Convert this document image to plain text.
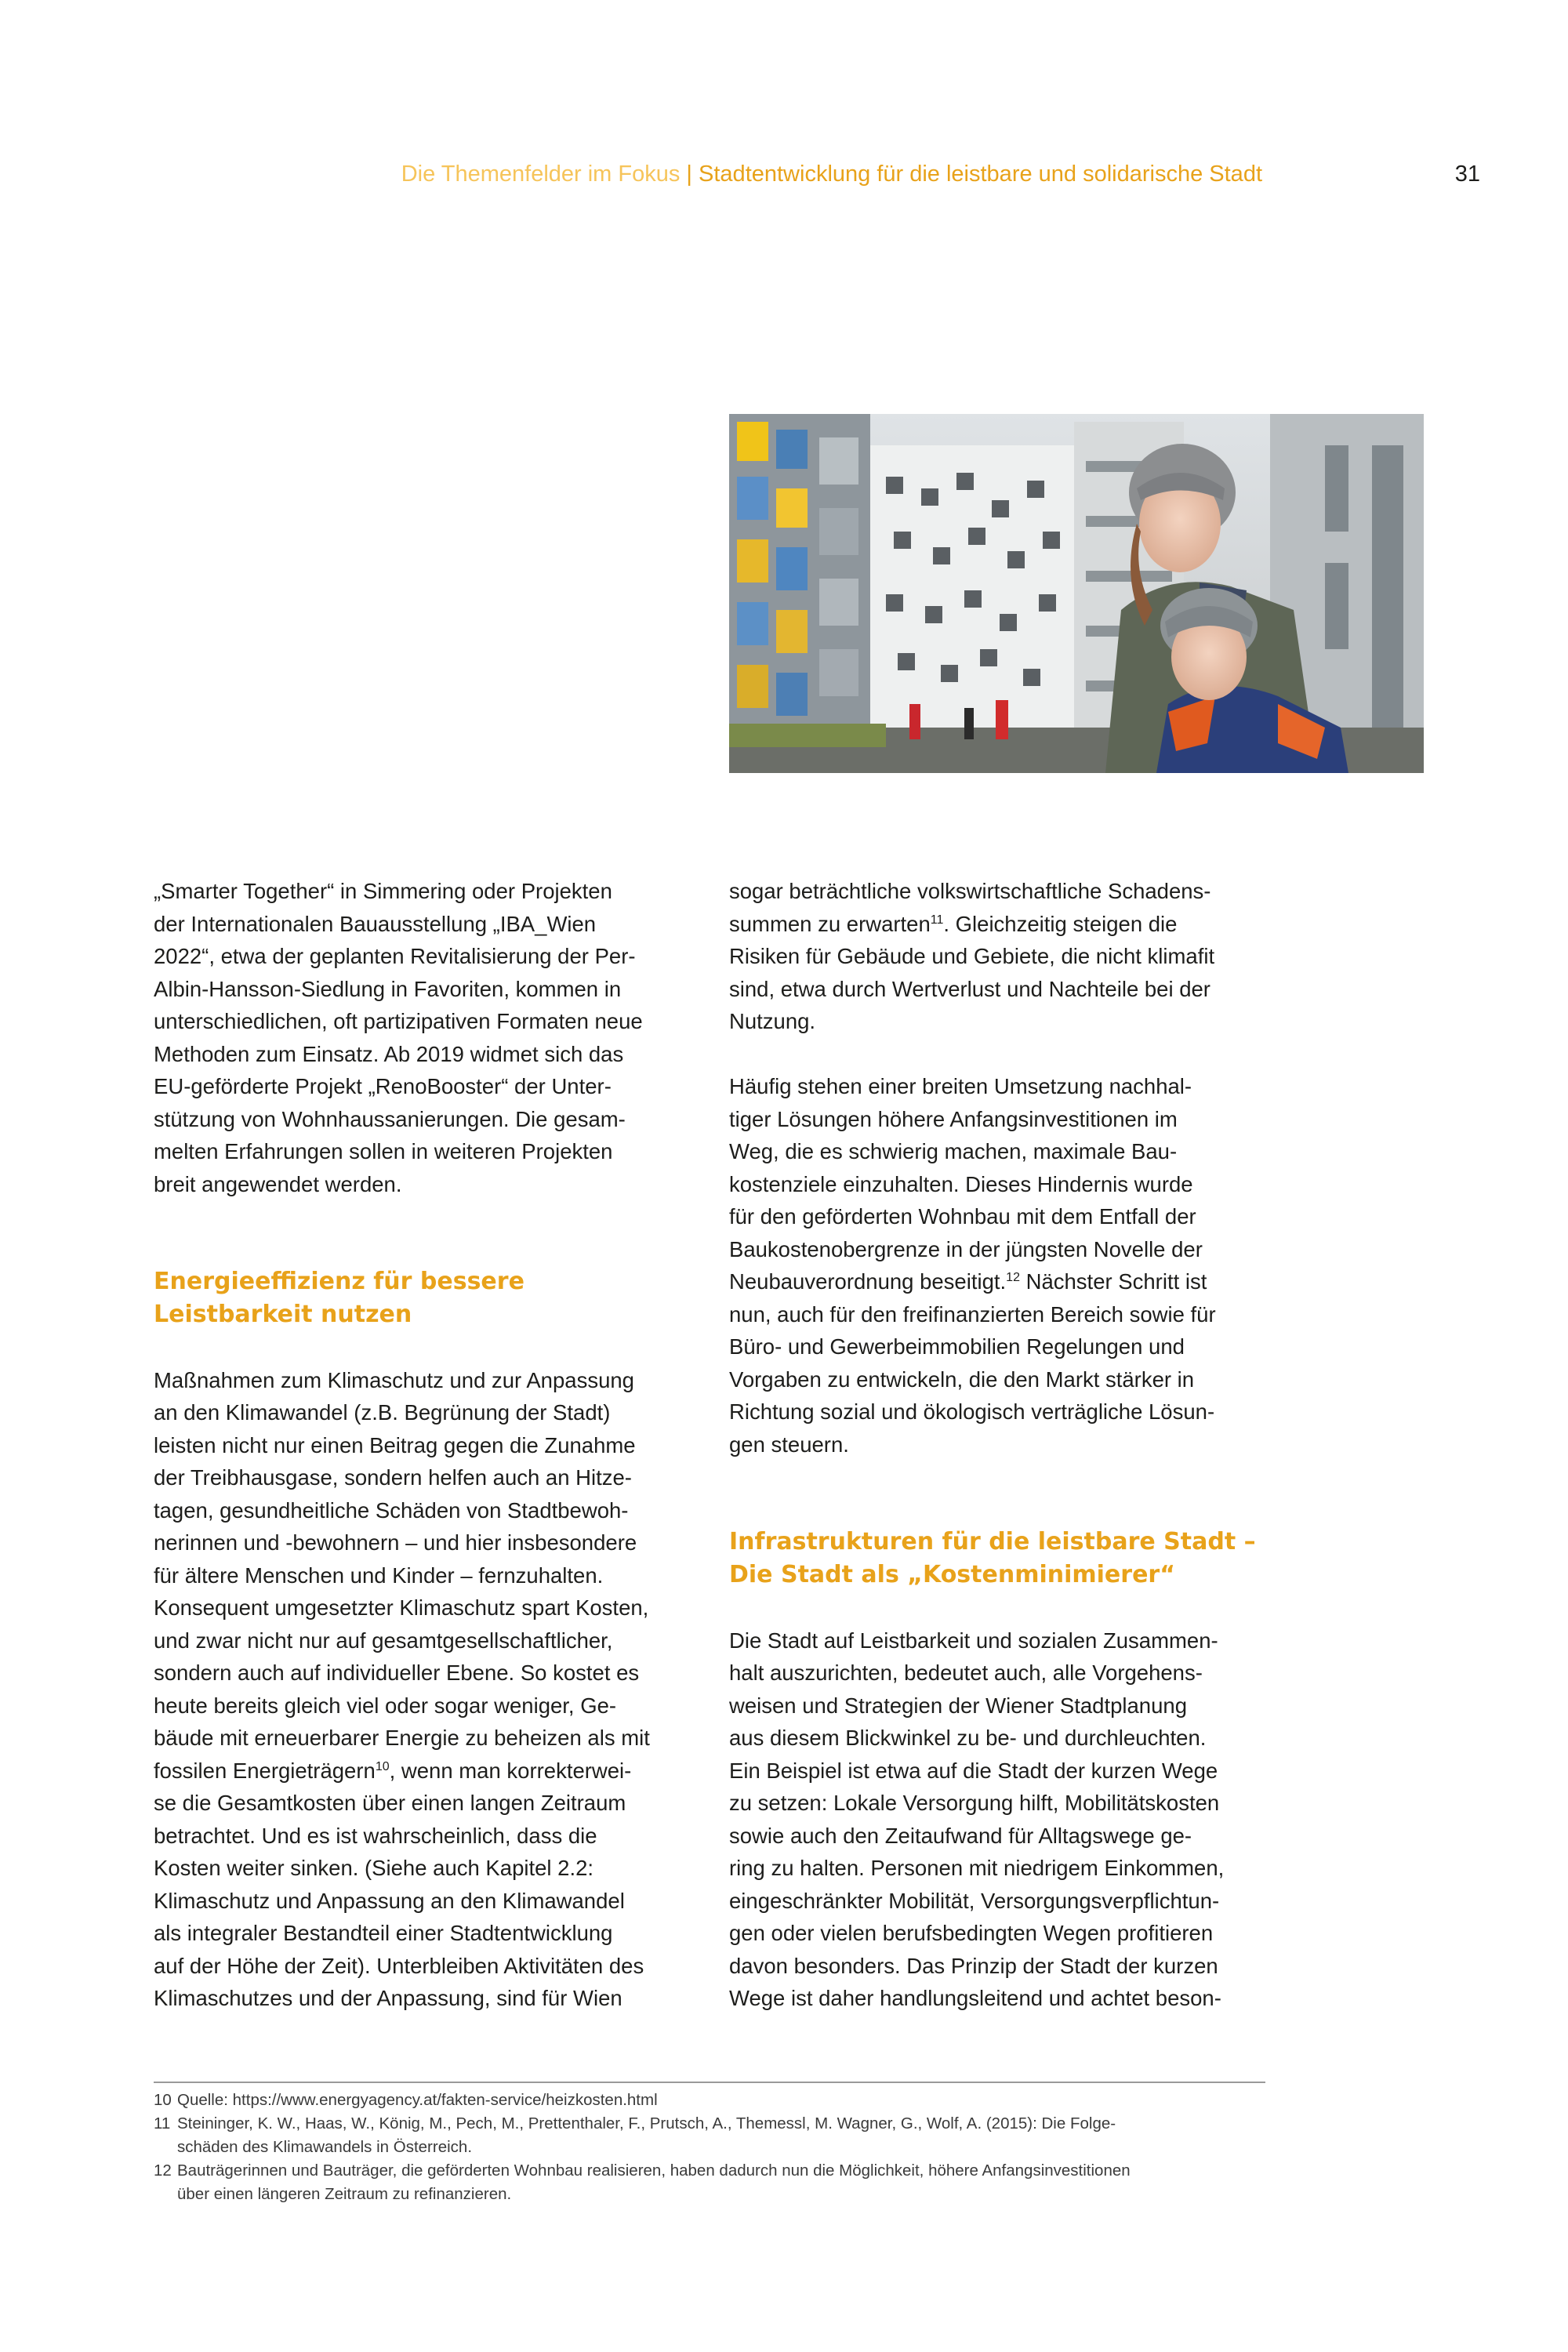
Die Themenfelder im Fokus | Stadtentwicklung für die leistbare und solidarische Stadt	31

„Smarter Together“ in Simmering oder Projekten
der Internationalen Bauausstellung „IBA_Wien
2022“, etwa der geplanten Revitalisierung der Per-
Albin-Hansson-Siedlung in Favoriten, kommen in
unterschiedlichen, oft partizipativen Formaten neue
Methoden zum Einsatz. Ab 2019 widmet sich das
EU-geförderte Projekt „RenoBooster“ der Unter-
stützung von Wohnhaussanierungen. Die gesam-
melten Erfahrungen sollen in weiteren Projekten
breit angewendet werden.

Energieeffizienz für bessere
Leistbarkeit nutzen

Maßnahmen zum Klimaschutz und zur Anpassung
an den Klimawandel (z.B. Begrünung der Stadt)
leisten nicht nur einen Beitrag gegen die Zunahme
der Treibhausgase, sondern helfen auch an Hitze-
tagen, gesundheitliche Schäden von Stadtbewoh-
nerinnen und -bewohnern – und hier insbesondere
für ältere Menschen und Kinder – fernzuhalten.
Konsequent umgesetzter Klimaschutz spart Kosten,
und zwar nicht nur auf gesamtgesellschaftlicher,
sondern auch auf individueller Ebene. So kostet es
heute bereits gleich viel oder sogar weniger, Ge-
bäude mit erneuerbarer Energie zu beheizen als mit
fossilen Energieträgern$^{10}$, wenn man korrekterwei-
se die Gesamtkosten über einen langen Zeitraum
betrachtet. Und es ist wahrscheinlich, dass die
Kosten weiter sinken. (Siehe auch Kapitel 2.2:
Klimaschutz und Anpassung an den Klimawandel
als integraler Bestandteil einer Stadtentwicklung
auf der Höhe der Zeit). Unterbleiben Aktivitäten des
Klimaschutzes und der Anpassung, sind für Wien

sogar beträchtliche volkswirtschaftliche Schadens-
summen zu erwarten$^{11}$. Gleichzeitig steigen die
Risiken für Gebäude und Gebiete, die nicht klimafit
sind, etwa durch Wertverlust und Nachteile bei der
Nutzung.

Häufig stehen einer breiten Umsetzung nachhal-
tiger Lösungen höhere Anfangsinvestitionen im
Weg, die es schwierig machen, maximale Bau-
kostenziele einzuhalten. Dieses Hindernis wurde
für den geförderten Wohnbau mit dem Entfall der
Baukostenobergrenze in der jüngsten Novelle der
Neubauverordnung beseitigt.$^{12}$ Nächster Schritt ist
nun, auch für den freifinanzierten Bereich sowie für
Büro- und Gewerbeimmobilien Regelungen und
Vorgaben zu entwickeln, die den Markt stärker in
Richtung sozial und ökologisch verträgliche Lösun-
gen steuern.

Infrastrukturen für die leistbare Stadt –
Die Stadt als „Kostenminimierer“

Die Stadt auf Leistbarkeit und sozialen Zusammen-
halt auszurichten, bedeutet auch, alle Vorgehens-
weisen und Strategien der Wiener Stadtplanung
aus diesem Blickwinkel zu be- und durchleuchten.
Ein Beispiel ist etwa auf die Stadt der kurzen Wege
zu setzen: Lokale Versorgung hilft, Mobilitätskosten
sowie auch den Zeitaufwand für Alltagswege ge-
ring zu halten. Personen mit niedrigem Einkommen,
eingeschränkter Mobilität, Versorgungsverpflichtun-
gen oder vielen berufsbedingten Wegen profitieren
davon besonders. Das Prinzip der Stadt der kurzen
Wege ist daher handlungsleitend und achtet beson-

10 Quelle: https://www.energyagency.at/fakten-service/heizkosten.html
11 Steininger, K. W., Haas, W., König, M., Pech, M., Prettenthaler, F., Prutsch, A., Themessl, M. Wagner, G., Wolf, A. (2015): Die Folge-
schäden des Klimawandels in Österreich.
12 Bauträgerinnen und Bauträger, die geförderten Wohnbau realisieren, haben dadurch nun die Möglichkeit, höhere Anfangsinvestitionen
über einen längeren Zeitraum zu refinanzieren.
